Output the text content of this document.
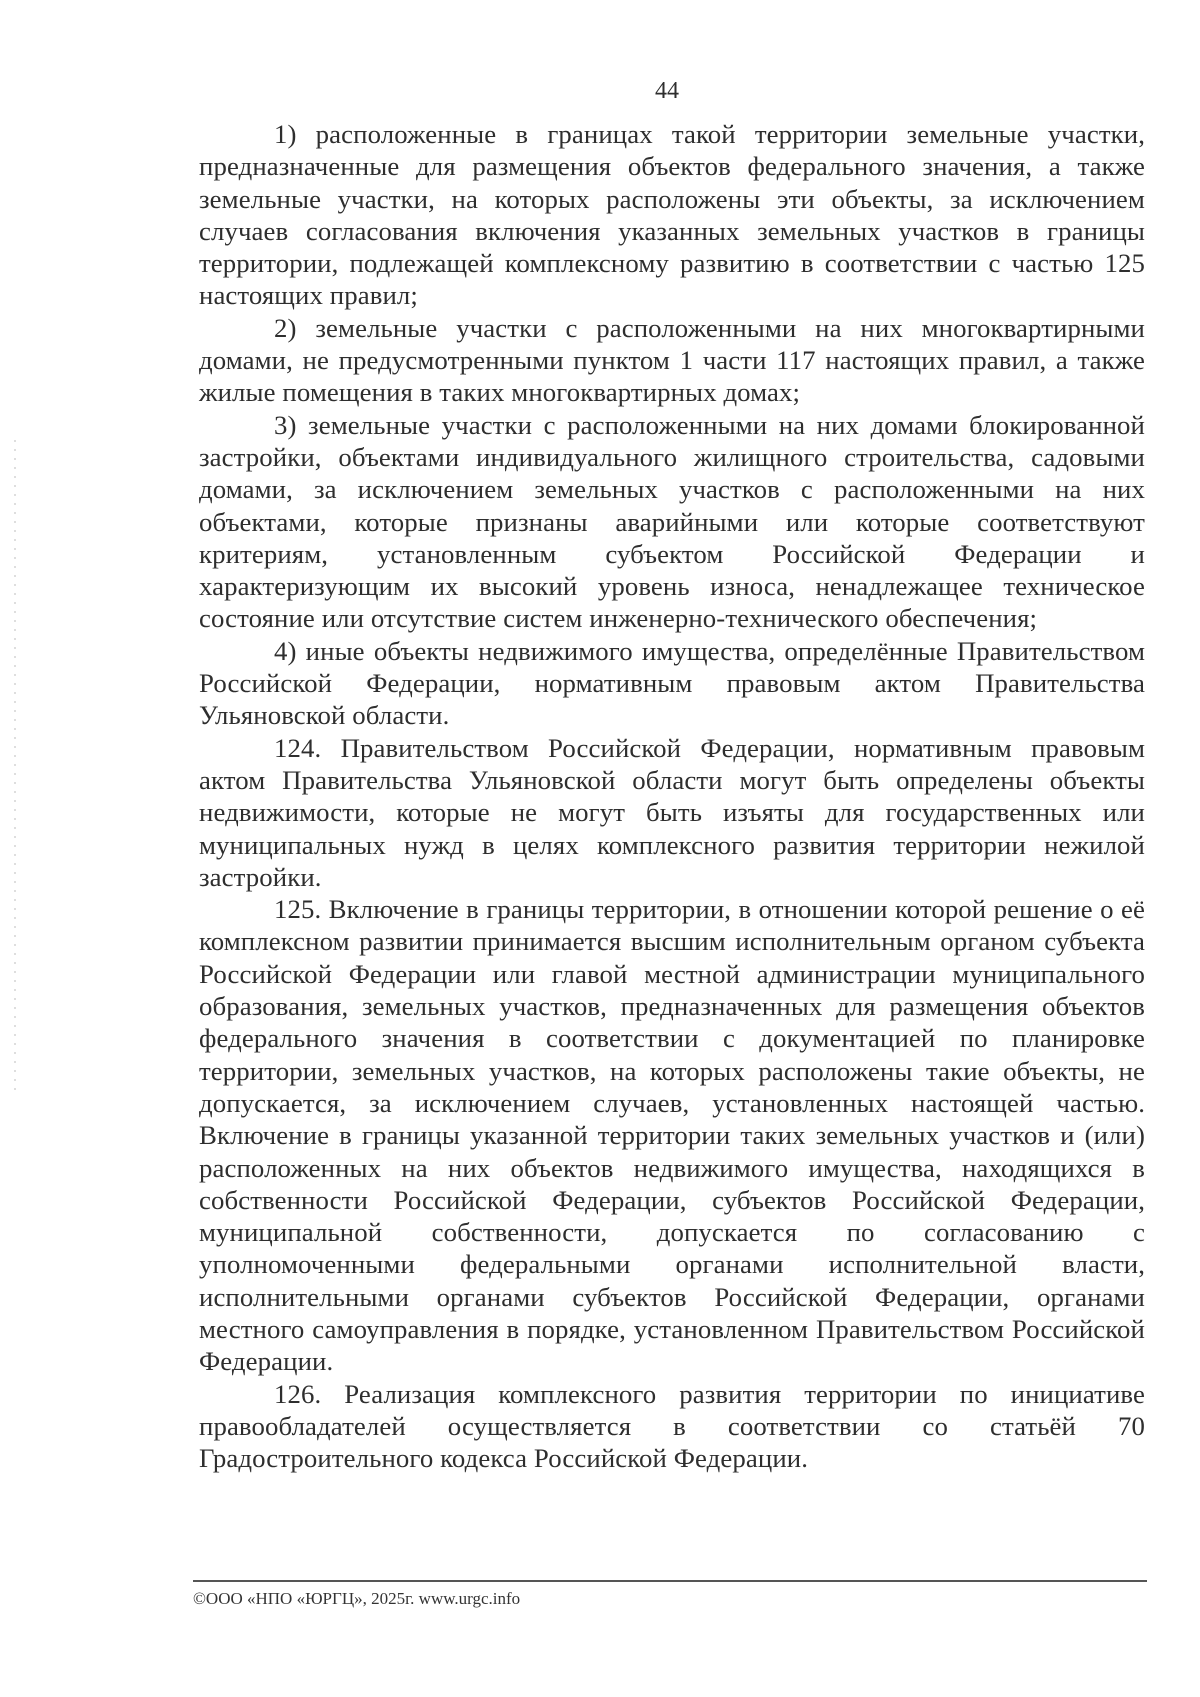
44

1) расположенные в границах такой территории земельные участки, предназначенные для размещения объектов федерального значения, а также земельные участки, на которых расположены эти объекты, за исключением случаев согласования включения указанных земельных участков в границы территории, подлежащей комплексному развитию в соответствии с частью 125 настоящих правил;

2) земельные участки с расположенными на них многоквартирными домами, не предусмотренными пунктом 1 части 117 настоящих правил, а также жилые помещения в таких многоквартирных домах;

3) земельные участки с расположенными на них домами блокированной застройки, объектами индивидуального жилищного строительства, садовыми домами, за исключением земельных участков с расположенными на них объектами, которые признаны аварийными или которые соответствуют критериям, установленным субъектом Российской Федерации и характеризующим их высокий уровень износа, ненадлежащее техническое состояние или отсутствие систем инженерно-технического обеспечения;

4) иные объекты недвижимого имущества, определённые Правительством Российской Федерации, нормативным правовым актом Правительства Ульяновской области.

124. Правительством Российской Федерации, нормативным правовым актом Правительства Ульяновской области могут быть определены объекты недвижимости, которые не могут быть изъяты для государственных или муниципальных нужд в целях комплексного развития территории нежилой застройки.

125. Включение в границы территории, в отношении которой решение о её комплексном развитии принимается высшим исполнительным органом субъекта Российской Федерации или главой местной администрации муниципального образования, земельных участков, предназначенных для размещения объектов федерального значения в соответствии с документацией по планировке территории, земельных участков, на которых расположены такие объекты, не допускается, за исключением случаев, установленных настоящей частью. Включение в границы указанной территории таких земельных участков и (или) расположенных на них объектов недвижимого имущества, находящихся в собственности Российской Федерации, субъектов Российской Федерации, муниципальной собственности, допускается по согласованию с уполномоченными федеральными органами исполнительной власти, исполнительными органами субъектов Российской Федерации, органами местного самоуправления в порядке, установленном Правительством Российской Федерации.

126. Реализация комплексного развития территории по инициативе правообладателей осуществляется в соответствии со статьёй 70 Градостроительного кодекса Российской Федерации.

©ООО «НПО «ЮРГЦ», 2025г. www.urgc.info
